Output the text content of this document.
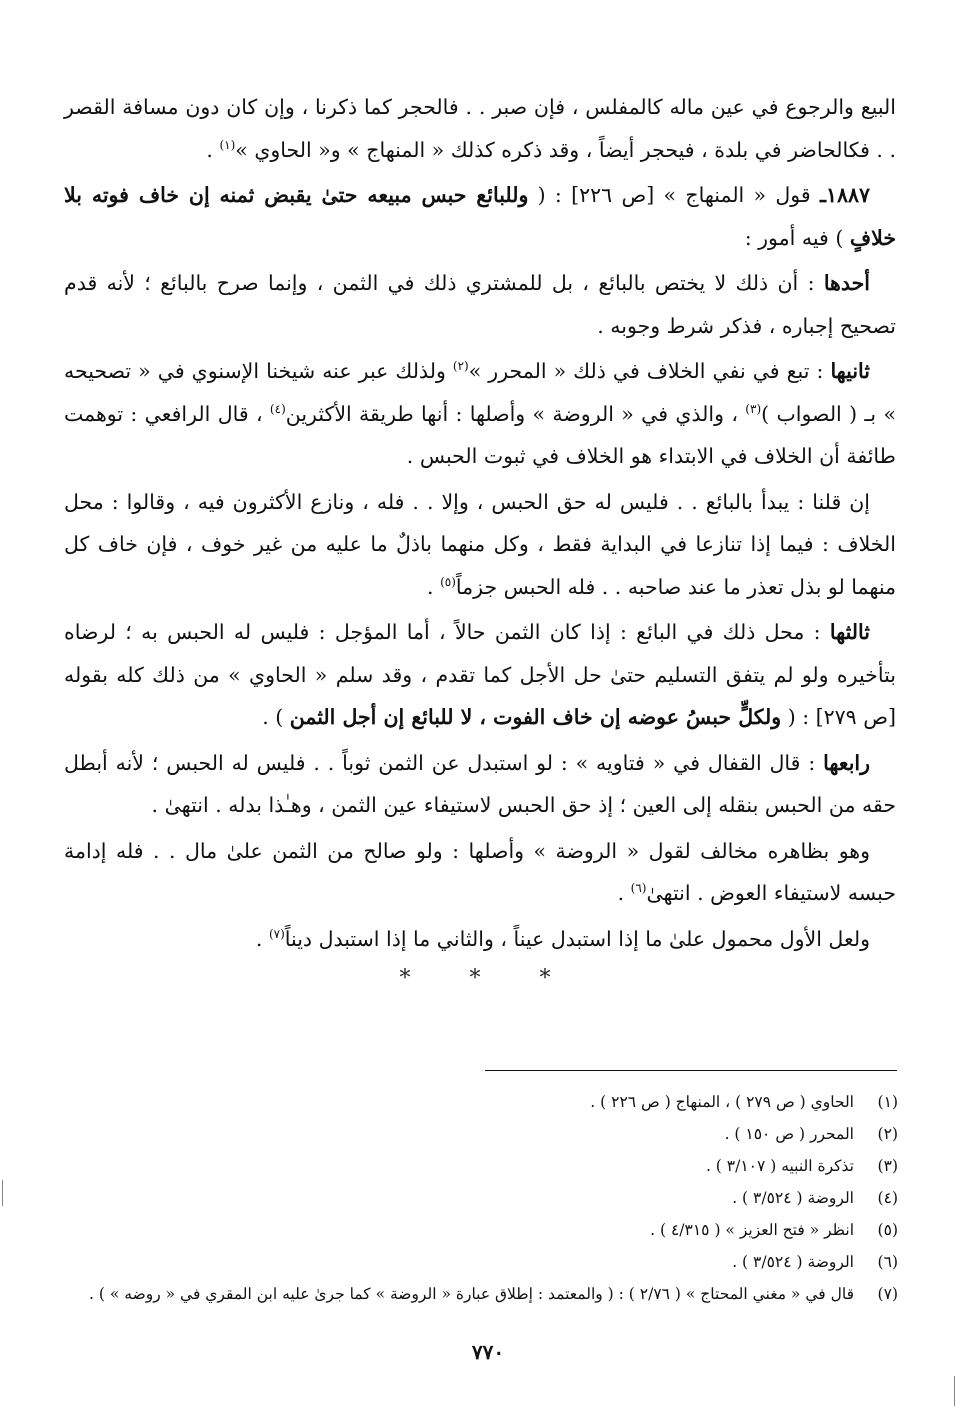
البيع والرجوع في عين ماله كالمفلس ، فإن صبر . . فالحجر كما ذكرنا ، وإن كان دون مسافة القصر . . فكالحاضر في بلدة ، فيحجر أيضاً ، وقد ذكره كذلك « المنهاج » و« الحاوي »$^{(١)}$ .

١٨٨٧ـ قول « المنهاج » [ص ٢٢٦] : ( وللبائع حبس مبيعه حتىٰ يقبض ثمنه إن خاف فوته بلا خلافٍ ) فيه أمور :

أحدها : أن ذلك لا يختص بالبائع ، بل للمشتري ذلك في الثمن ، وإنما صرح بالبائع ؛ لأنه قدم تصحيح إجباره ، فذكر شرط وجوبه .

ثانيها : تبع في نفي الخلاف في ذلك « المحرر »$^{(٢)}$ ولذلك عبر عنه شيخنا الإسنوي في « تصحيحه » بـ ( الصواب )$^{(٣)}$ ، والذي في « الروضة » وأصلها : أنها طريقة الأكثرين$^{(٤)}$ ، قال الرافعي : توهمت طائفة أن الخلاف في الابتداء هو الخلاف في ثبوت الحبس .

إن قلنا : يبدأ بالبائع . . فليس له حق الحبس ، وإلا . . فله ، ونازع الأكثرون فيه ، وقالوا : محل الخلاف : فيما إذا تنازعا في البداية فقط ، وكل منهما باذلٌ ما عليه من غير خوف ، فإن خاف كل منهما لو بذل تعذر ما عند صاحبه . . فله الحبس جزماً$^{(٥)}$ .

ثالثها : محل ذلك في البائع : إذا كان الثمن حالاً ، أما المؤجل : فليس له الحبس به ؛ لرضاه بتأخيره ولو لم يتفق التسليم حتىٰ حل الأجل كما تقدم ، وقد سلم « الحاوي » من ذلك كله بقوله [ص ٢٧٩] : ( ولكلٍّ حبسُ عوضه إن خاف الفوت ، لا للبائع إن أجل الثمن ) .

رابعها : قال القفال في « فتاويه » : لو استبدل عن الثمن ثوباً . . فليس له الحبس ؛ لأنه أبطل حقه من الحبس بنقله إلى العين ؛ إذ حق الحبس لاستيفاء عين الثمن ، وهـٰذا بدله . انتهىٰ .

وهو بظاهره مخالف لقول « الروضة » وأصلها : ولو صالح من الثمن علىٰ مال . . فله إدامة حبسه لاستيفاء العوض . انتهىٰ$^{(٦)}$ .

ولعل الأول محمول علىٰ ما إذا استبدل عيناً ، والثاني ما إذا استبدل ديناً$^{(٧)}$ .

* * *
(١)
الحاوي ( ص ٢٧٩ ) ، المنهاج ( ص ٢٢٦ ) .
(٢)
المحرر ( ص ١٥٠ ) .
(٣)
تذكرة النبيه ( ٣/١٠٧ ) .
(٤)
الروضة ( ٣/٥٢٤ ) .
(٥)
انظر « فتح العزيز » ( ٤/٣١٥ ) .
(٦)
الروضة ( ٣/٥٢٤ ) .
(٧)
قال في « مغني المحتاج » ( ٢/٧٦ ) : ( والمعتمد : إطلاق عبارة « الروضة » كما جرىٰ عليه ابن المقري في « روضه » ) .
٧٧٠
